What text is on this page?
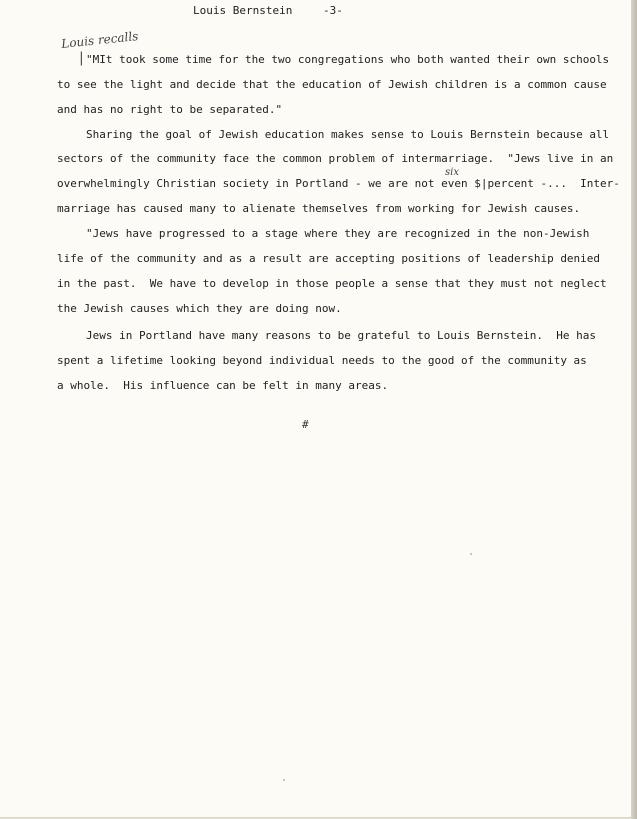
Louis Bernstein	-3-
Louis recalls
|
six
"MIt took some time for the two congregations who both wanted their own schools
to see the light and decide that the education of Jewish children is a common cause
and has no right to be separated."
Sharing the goal of Jewish education makes sense to Louis Bernstein because all
sectors of the community face the common problem of intermarriage.  "Jews live in an
overwhelmingly Christian society in Portland - we are not even $|percent -...  Inter-
marriage has caused many to alienate themselves from working for Jewish causes.
"Jews have progressed to a stage where they are recognized in the non-Jewish
life of the community and as a result are accepting positions of leadership denied
in the past.  We have to develop in those people a sense that they must not neglect
the Jewish causes which they are doing now.
Jews in Portland have many reasons to be grateful to Louis Bernstein.  He has
spent a lifetime looking beyond individual needs to the good of the community as
a whole.  His influence can be felt in many areas.
#
